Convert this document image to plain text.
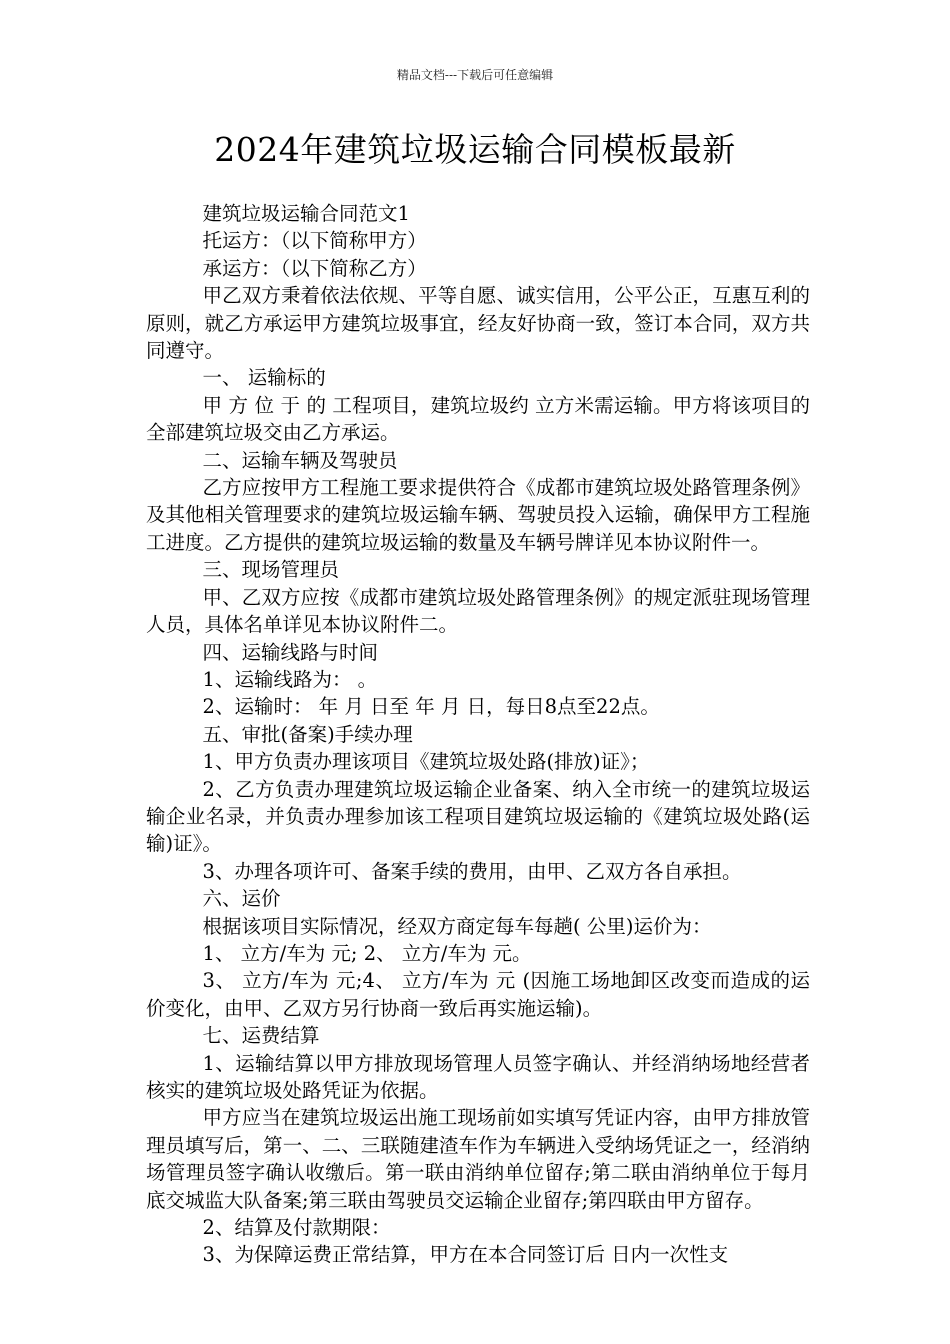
精品文档---下载后可任意编辑
2024年建筑垃圾运输合同模板最新

建筑垃圾运输合同范文1

托运方：（以下简称甲方）

承运方：（以下简称乙方）

甲乙双方秉着依法依规、平等自愿、诚实信用，公平公正，互惠互利的原则，就乙方承运甲方建筑垃圾事宜，经友好协商一致，签订本合同，双方共同遵守。

一、 运输标的

甲 方 位 于 的 工程项目，建筑垃圾约 立方米需运输。甲方将该项目的全部建筑垃圾交由乙方承运。

二、运输车辆及驾驶员

乙方应按甲方工程施工要求提供符合《成都市建筑垃圾处路管理条例》及其他相关管理要求的建筑垃圾运输车辆、驾驶员投入运输，确保甲方工程施工进度。乙方提供的建筑垃圾运输的数量及车辆号牌详见本协议附件一。

三、现场管理员

甲、乙双方应按《成都市建筑垃圾处路管理条例》的规定派驻现场管理人员，具体名单详见本协议附件二。

四、运输线路与时间

1、运输线路为： 。

2、运输时： 年 月 日至 年 月 日，每日8点至22点。

五、审批(备案)手续办理

1、甲方负责办理该项目《建筑垃圾处路(排放)证》；

2、乙方负责办理建筑垃圾运输企业备案、纳入全市统一的建筑垃圾运输企业名录，并负责办理参加该工程项目建筑垃圾运输的《建筑垃圾处路(运输)证》。

3、办理各项许可、备案手续的费用，由甲、乙双方各自承担。

六、运价

根据该项目实际情况，经双方商定每车每趟( 公里)运价为：

1、 立方/车为 元; 2、 立方/车为 元。

3、 立方/车为 元;4、 立方/车为 元 (因施工场地卸区改变而造成的运价变化，由甲、乙双方另行协商一致后再实施运输)。

七、运费结算

1、运输结算以甲方排放现场管理人员签字确认、并经消纳场地经营者核实的建筑垃圾处路凭证为依据。

甲方应当在建筑垃圾运出施工现场前如实填写凭证内容，由甲方排放管理员填写后，第一、二、三联随建渣车作为车辆进入受纳场凭证之一，经消纳场管理员签字确认收缴后。第一联由消纳单位留存;第二联由消纳单位于每月底交城监大队备案;第三联由驾驶员交运输企业留存;第四联由甲方留存。

2、结算及付款期限：

3、为保障运费正常结算，甲方在本合同签订后 日内一次性支
